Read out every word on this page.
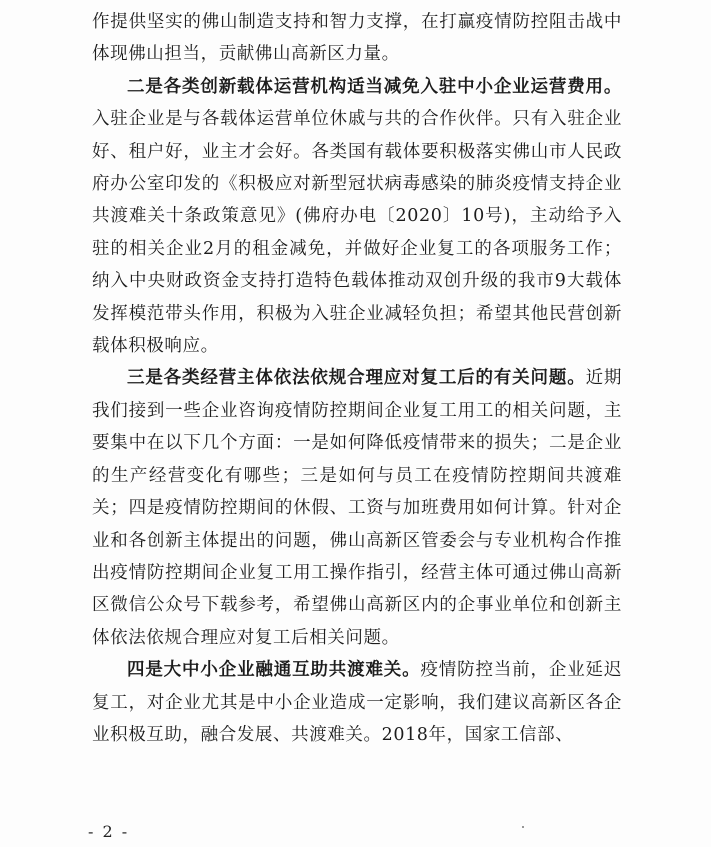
作提供坚实的佛山制造支持和智力支撑，在打赢疫情防控阻击战中体现佛山担当，贡献佛山高新区力量。

二是各类创新载体运营机构适当减免入驻中小企业运营费用。入驻企业是与各载体运营单位休戚与共的合作伙伴。只有入驻企业好、租户好，业主才会好。各类国有载体要积极落实佛山市人民政府办公室印发的《积极应对新型冠状病毒感染的肺炎疫情支持企业共渡难关十条政策意见》(佛府办电〔2020〕10号)，主动给予入驻的相关企业2月的租金减免，并做好企业复工的各项服务工作；纳入中央财政资金支持打造特色载体推动双创升级的我市9大载体发挥模范带头作用，积极为入驻企业减轻负担；希望其他民营创新载体积极响应。

三是各类经营主体依法依规合理应对复工后的有关问题。近期我们接到一些企业咨询疫情防控期间企业复工用工的相关问题，主要集中在以下几个方面：一是如何降低疫情带来的损失；二是企业的生产经营变化有哪些；三是如何与员工在疫情防控期间共渡难关；四是疫情防控期间的休假、工资与加班费用如何计算。针对企业和各创新主体提出的问题，佛山高新区管委会与专业机构合作推出疫情防控期间企业复工用工操作指引，经营主体可通过佛山高新区微信公众号下载参考，希望佛山高新区内的企事业单位和创新主体依法依规合理应对复工后相关问题。

四是大中小企业融通互助共渡难关。疫情防控当前，企业延迟复工，对企业尤其是中小企业造成一定影响，我们建议高新区各企业积极互助，融合发展、共渡难关。2018年，国家工信部、

- 2 -
